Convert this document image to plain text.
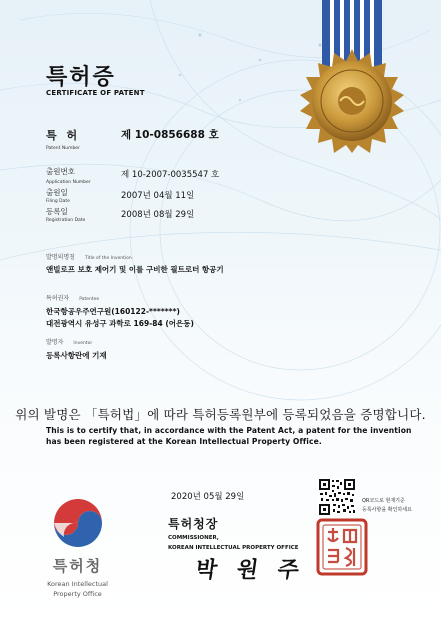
특허증
CERTIFICATE OF PATENT
특 허
Patent Number
제 10-0856688 호
출원번호
Application Number
제 10-2007-0035547 호
출원일
Filing Date
2007년 04월 11일
등록일
Registration Date
2008년 08월 29일
발명의명칭 Title of the Invention
앤빌로프 보호 제어기 및 이를 구비한 필트로터 항공기
특허권자 Patentee
한국항공우주연구원(160122-*******)
대전광역시 유성구 과학로 169-84 (어은동)
발명자 Inventor
등록사항란에 기재
위의 발명은 「특허법」에 따라 특허등록원부에 등록되었음을 증명합니다.
This is to certify that, in accordance with the Patent Act, a patent for the invention
has been registered at the Korean Intellectual Property Office.
2020년 05월 29일	QR코드로 현재기준
등록사항을 확인하세요
특허청장
COMMISSIONER,
KOREAN INTELLECTUAL PROPERTY OFFICE
박 원 주
특허청
Korean Intellectual
Property Office
